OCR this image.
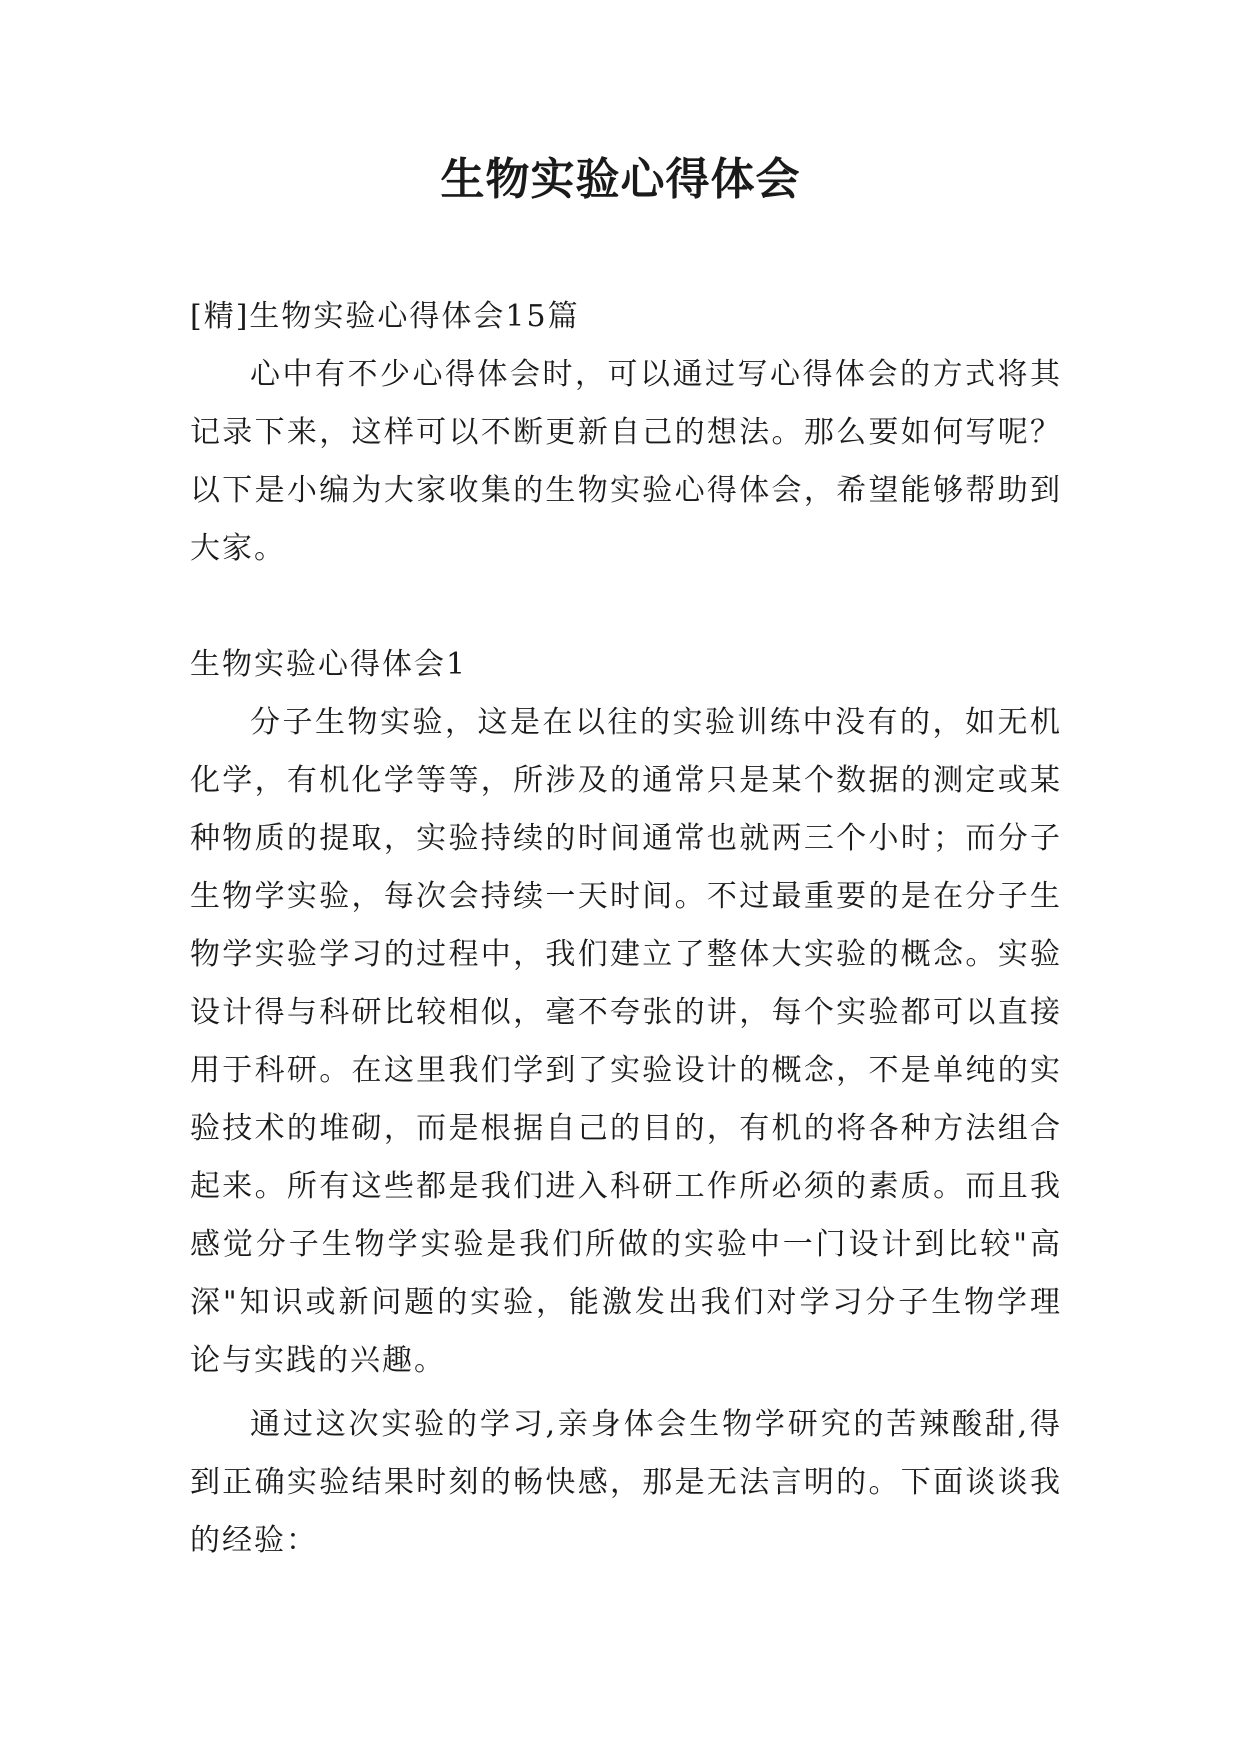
生物实验心得体会

[精]生物实验心得体会15篇

心中有不少心得体会时，可以通过写心得体会的方式将其记录下来，这样可以不断更新自己的想法。那么要如何写呢？以下是小编为大家收集的生物实验心得体会，希望能够帮助到大家。

生物实验心得体会1

分子生物实验，这是在以往的实验训练中没有的，如无机化学，有机化学等等，所涉及的通常只是某个数据的测定或某种物质的提取，实验持续的时间通常也就两三个小时；而分子生物学实验，每次会持续一天时间。不过最重要的是在分子生物学实验学习的过程中，我们建立了整体大实验的概念。实验设计得与科研比较相似，毫不夸张的讲，每个实验都可以直接用于科研。在这里我们学到了实验设计的概念，不是单纯的实验技术的堆砌，而是根据自己的目的，有机的将各种方法组合起来。所有这些都是我们进入科研工作所必须的素质。而且我感觉分子生物学实验是我们所做的实验中一门设计到比较"高深"知识或新问题的实验，能激发出我们对学习分子生物学理论与实践的兴趣。

通过这次实验的学习,亲身体会生物学研究的苦辣酸甜,得到正确实验结果时刻的畅快感，那是无法言明的。下面谈谈我的经验：
